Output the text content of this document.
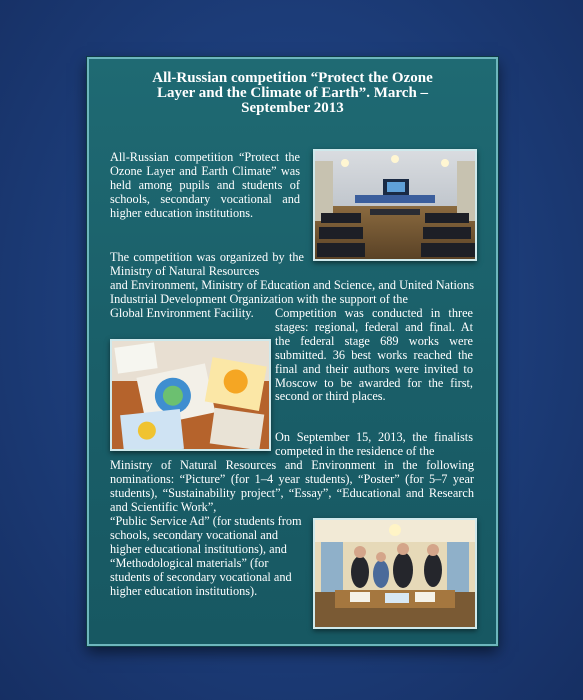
All-Russian competition “Protect the Ozone
Layer and the Climate of Earth”. March –
September 2013

All-Russian competition “Protect the Ozone Layer and Earth Climate” was held among pupils and students of schools, secondary vocational and higher education institutions.

The competition was organized by the Ministry of Natural Resources

and Environment, Ministry of Education and Science, and United Nations Industrial Development Organization with the support of the

Global Environment Facility.	Competition was conducted in three stages: regional, federal and final. At the federal stage 689 works were submitted. 36 best works reached the final and their authors were invited to Moscow to be awarded for the first, second or third places.

On September 15, 2013, the finalists competed in the residence of the

Ministry of Natural Resources and Environment in the following nominations: “Picture” (for 1–4 year students), “Poster” (for 5–7 year students), “Sustainability project”, “Essay”, “Educational and Research and Scientific Work”,

“Public Service Ad” (for students from schools, secondary vocational and higher educational institutions), and “Methodological materials” (for students of secondary vocational and higher education institutions).
